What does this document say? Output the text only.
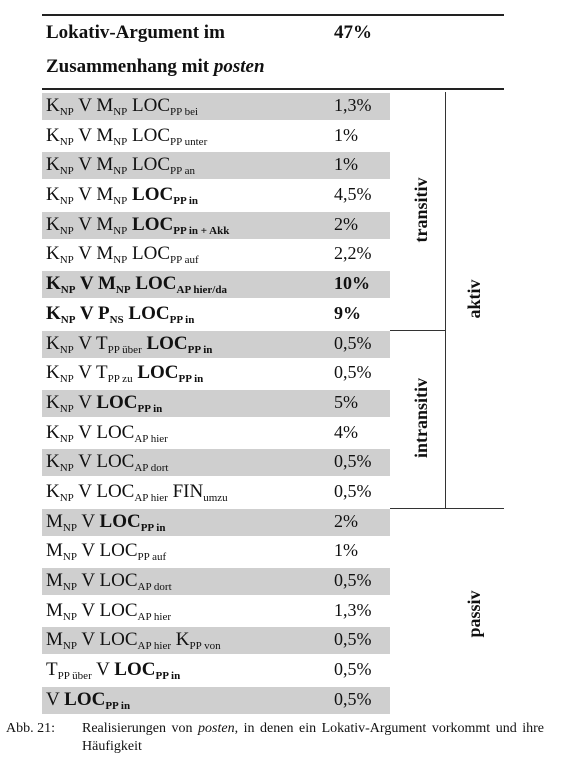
Lokativ-Argument im
Zusammenhang mit posten
47%
$K_{NP}$ V $M_{NP}$ $LOC_{PP bei}$	1,3%
$K_{NP}$ V $M_{NP}$ $LOC_{PP unter}$	1%
$K_{NP}$ V $M_{NP}$ $LOC_{PP an}$	1%
$K_{NP}$ V $M_{NP}$ $LOC_{PP in}$	4,5%
$K_{NP}$ V $M_{NP}$ $LOC_{PP in}$ $_{+ Akk}$	2%
$K_{NP}$ V $M_{NP}$ $LOC_{PP auf}$	2,2%
$K_{NP}$ V $M_{NP}$ $LOC_{AP hier/da}$	10%
$K_{NP}$ V $P_{NS}$ $LOC_{PP in}$	9%
$K_{NP}$ V $T_{PP über}$ $LOC_{PP in}$	0,5%
$K_{NP}$ V $T_{PP zu}$ $LOC_{PP in}$	0,5%
$K_{NP}$ V $LOC_{PP in}$	5%
$K_{NP}$ V $LOC_{AP hier}$	4%
$K_{NP}$ V $LOC_{AP dort}$	0,5%
$K_{NP}$ V $LOC_{AP hier}$ $FIN_{umzu}$	0,5%
$M_{NP}$ V $LOC_{PP in}$	2%
$M_{NP}$ V $LOC_{PP auf}$	1%
$M_{NP}$ V $LOC_{AP dort}$	0,5%
$M_{NP}$ V $LOC_{AP hier}$	1,3%
$M_{NP}$ V $LOC_{AP hier}$ $K_{PP von}$	0,5%
$T_{PP über}$ V $LOC_{PP in}$	0,5%
V $LOC_{PP in}$	0,5%
transitiv
intransitiv
aktiv
passiv
Abb. 21: Realisierungen von posten, in denen ein Lokativ-Argument vorkommt und ihre Häufigkeit
